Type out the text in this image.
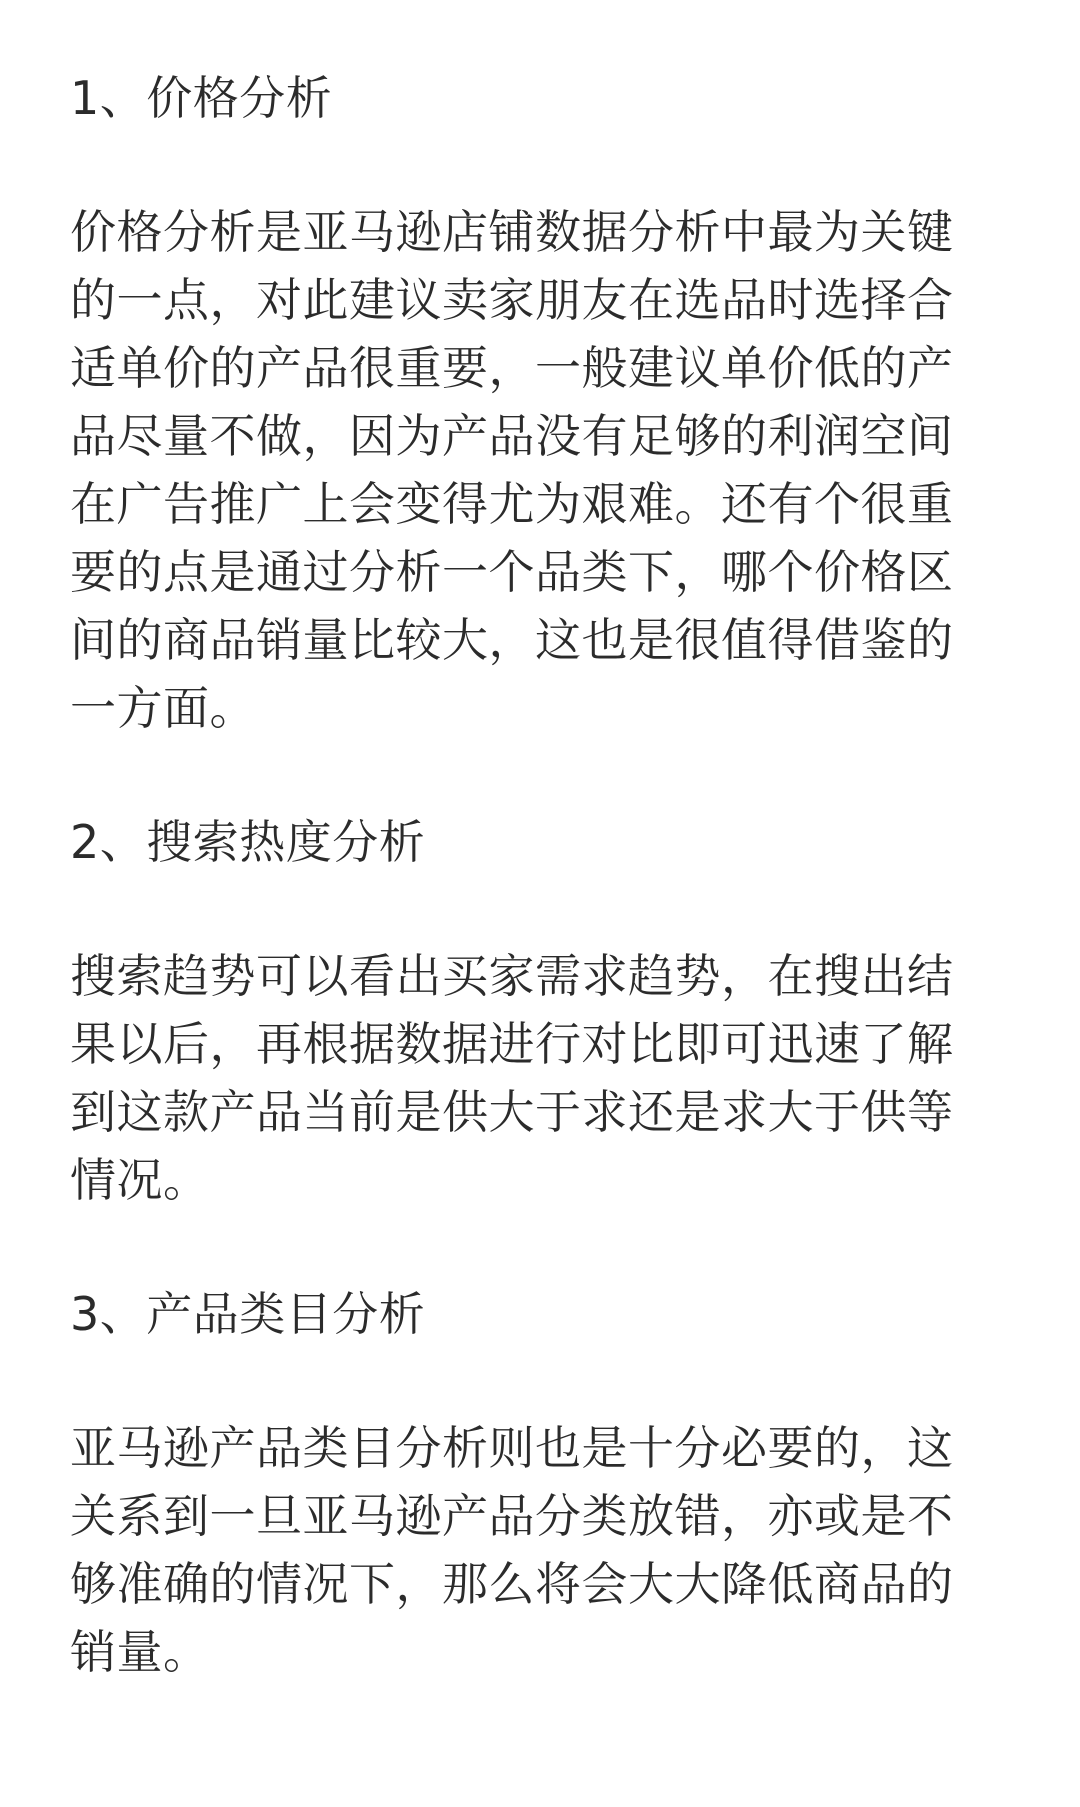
1、价格分析

价格分析是亚马逊店铺数据分析中最为关键
的一点，对此建议卖家朋友在选品时选择合
适单价的产品很重要，一般建议单价低的产
品尽量不做，因为产品没有足够的利润空间
在广告推广上会变得尤为艰难。还有个很重
要的点是通过分析一个品类下，哪个价格区
间的商品销量比较大，这也是很值得借鉴的
一方面。

2、搜索热度分析

搜索趋势可以看出买家需求趋势，在搜出结
果以后，再根据数据进行对比即可迅速了解
到这款产品当前是供大于求还是求大于供等
情况。

3、产品类目分析

亚马逊产品类目分析则也是十分必要的，这
关系到一旦亚马逊产品分类放错，亦或是不
够准确的情况下，那么将会大大降低商品的
销量。
